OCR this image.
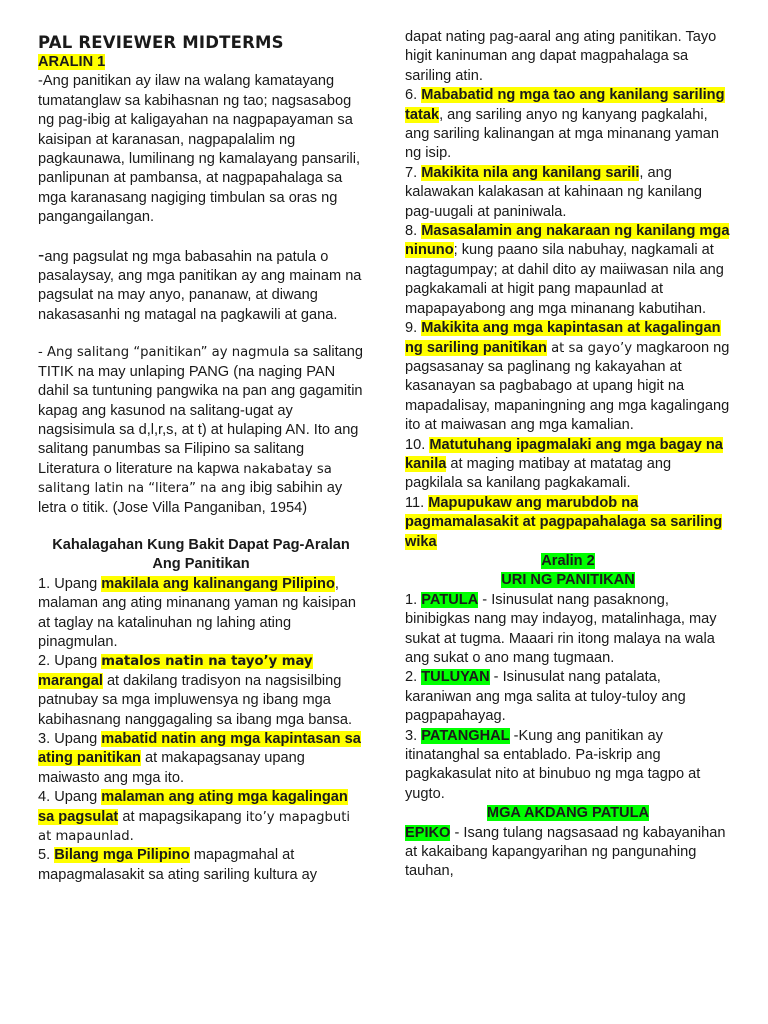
PAL REVIEWER MIDTERMS

ARALIN 1

-Ang panitikan ay ilaw na walang kamatayang tumatanglaw sa kabihasnan ng tao; nagsasabog ng pag-ibig at kaligayahan na nagpapayaman sa kaisipan at karanasan, nagpapalalim ng pagkaunawa, lumilinang ng kamalayang pansarili, panlipunan at pambansa, at nagpapahalaga sa mga karanasang nagiging timbulan sa oras ng pangangailangan.

-ang pagsulat ng mga babasahin na patula o pasalaysay, ang mga panitikan ay ang mainam na pagsulat na may anyo, pananaw, at diwang nakasasanhi ng matagal na pagkawili at gana.

- Ang salitang “panitikan” ay nagmula sa salitang TITIK na may unlaping PANG (na naging PAN dahil sa tuntuning pangwika na pan ang gagamitin kapag ang kasunod na salitang-ugat ay nagsisimula sa d,l,r,s, at t) at hulaping AN. Ito ang salitang panumbas sa Filipino sa salitang Literatura o literature na kapwa nakabatay sa salitang latin na “litera” na ang ibig sabihin ay letra o titik. (Jose Villa Panganiban, 1954)

Kahalagahan Kung Bakit Dapat Pag-Aralan Ang Panitikan

1. Upang makilala ang kalinangang Pilipino, malaman ang ating minanang yaman ng kaisipan at taglay na katalinuhan ng lahing ating pinagmulan.

2. Upang matalos natin na tayo’y may marangal at dakilang tradisyon na nagsisilbing patnubay sa mga impluwensya ng ibang mga kabihasnang nanggagaling sa ibang mga bansa.

3. Upang mabatid natin ang mga kapintasan sa ating panitikan at makapagsanay upang maiwasto ang mga ito.

4. Upang malaman ang ating mga kagalingan sa pagsulat at mapagsikapang ito’y mapagbuti at mapaunlad.

5. Bilang mga Pilipino mapagmahal at mapagmalasakit sa ating sariling kultura ay

dapat nating pag-aaral ang ating panitikan. Tayo higit kaninuman ang dapat magpahalaga sa sariling atin.

6. Mababatid ng mga tao ang kanilang sariling tatak, ang sariling anyo ng kanyang pagkalahi, ang sariling kalinangan at mga minanang yaman ng isip.

7. Makikita nila ang kanilang sarili, ang kalawakan kalakasan at kahinaan ng kanilang pag-uugali at paniniwala.

8. Masasalamin ang nakaraan ng kanilang mga ninuno; kung paano sila nabuhay, nagkamali at nagtagumpay; at dahil dito ay maiiwasan nila ang pagkakamali at higit pang mapaunlad at mapapayabong ang mga minanang kabutihan.

9. Makikita ang mga kapintasan at kagalingan ng sariling panitikan at sa gayo’y magkaroon ng pagsasanay sa paglinang ng kakayahan at kasanayan sa pagbabago at upang higit na mapadalisay, mapaningning ang mga kagalingang ito at maiwasan ang mga kamalian.

10. Matutuhang ipagmalaki ang mga bagay na kanila at maging matibay at matatag ang pagkilala sa kanilang pagkakamali.

11. Mapupukaw ang marubdob na pagmamalasakit at pagpapahalaga sa sariling wika

Aralin 2

URI NG PANITIKAN

1. PATULA - Isinusulat nang pasaknong, binibigkas nang may indayog, matalinhaga, may sukat at tugma. Maaari rin itong malaya na wala ang sukat o ano mang tugmaan.

2. TULUYAN - Isinusulat nang patalata, karaniwan ang mga salita at tuloy-tuloy ang pagpapahayag.

3. PATANGHAL -Kung ang panitikan ay itinatanghal sa entablado. Pa-iskrip ang pagkakasulat nito at binubuo ng mga tagpo at yugto.

MGA AKDANG PATULA

EPIKO - Isang tulang nagsasaad ng kabayanihan at kakaibang kapangyarihan ng pangunahing tauhan,
